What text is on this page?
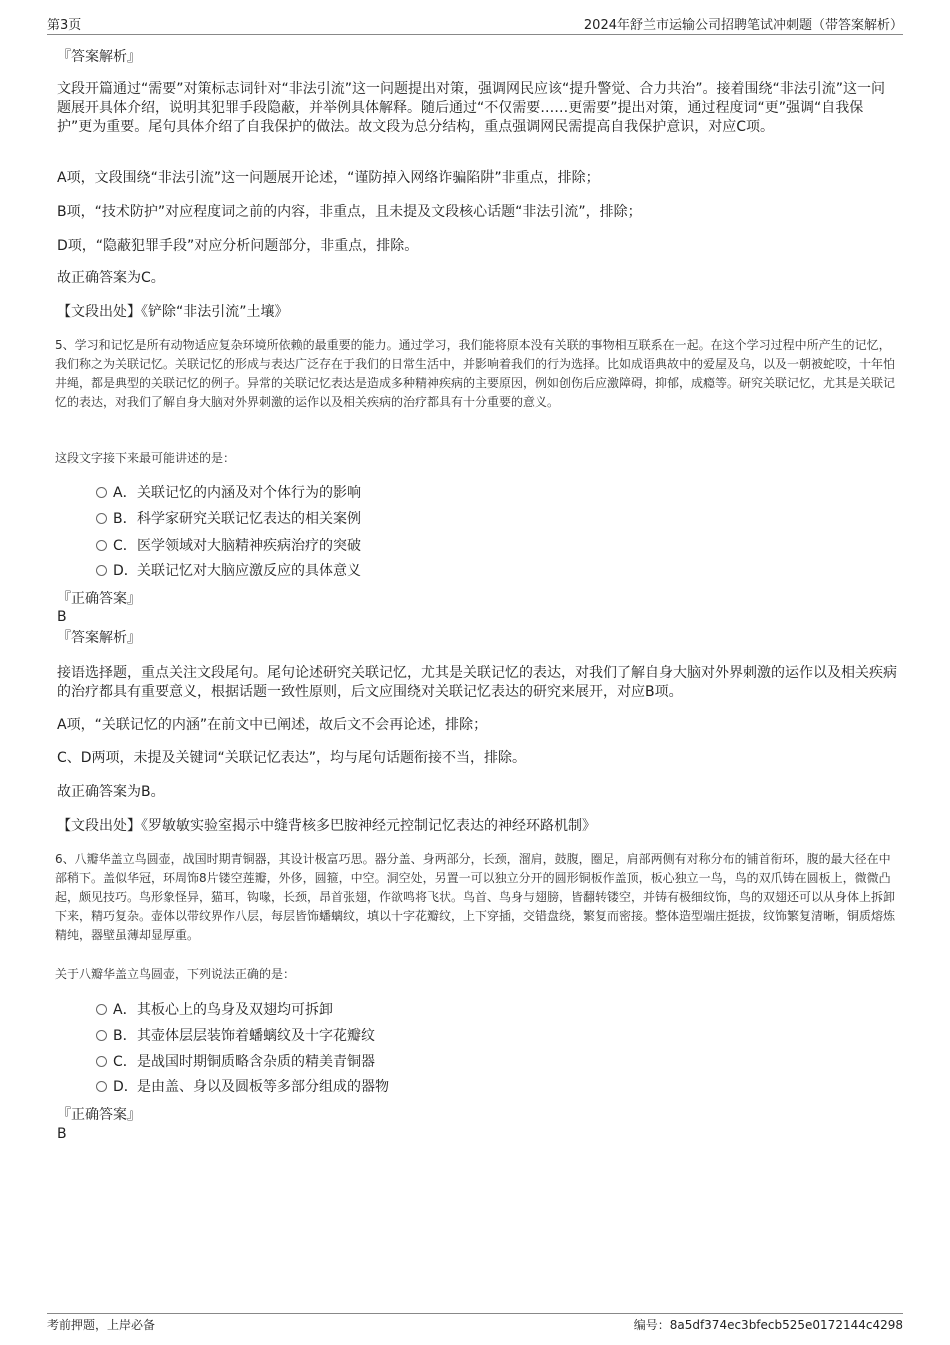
第3页	2024年舒兰市运输公司招聘笔试冲刺题（带答案解析）
『答案解析』
文段开篇通过“需要”对策标志词针对“非法引流”这一问题提出对策，强调网民应该“提升警觉、合力共治”。接着围绕“非法引流”这一问题展开具体介绍，说明其犯罪手段隐蔽，并举例具体解释。随后通过“不仅需要……更需要”提出对策，通过程度词“更”强调“自我保护”更为重要。尾句具体介绍了自我保护的做法。故文段为总分结构，重点强调网民需提高自我保护意识，对应C项。
A项，文段围绕“非法引流”这一问题展开论述，“谨防掉入网络诈骗陷阱”非重点，排除；
B项，“技术防护”对应程度词之前的内容，非重点，且未提及文段核心话题“非法引流”，排除；
D项，“隐蔽犯罪手段”对应分析问题部分，非重点，排除。
故正确答案为C。
【文段出处】《铲除“非法引流”土壤》
5、学习和记忆是所有动物适应复杂环境所依赖的最重要的能力。通过学习，我们能将原本没有关联的事物相互联系在一起。在这个学习过程中所产生的记忆，我们称之为关联记忆。关联记忆的形成与表达广泛存在于我们的日常生活中，并影响着我们的行为选择。比如成语典故中的爱屋及乌，以及一朝被蛇咬，十年怕井绳，都是典型的关联记忆的例子。异常的关联记忆表达是造成多种精神疾病的主要原因，例如创伤后应激障碍，抑郁，成瘾等。研究关联记忆，尤其是关联记忆的表达，对我们了解自身大脑对外界刺激的运作以及相关疾病的治疗都具有十分重要的意义。
这段文字接下来最可能讲述的是：
A．关联记忆的内涵及对个体行为的影响
B．科学家研究关联记忆表达的相关案例
C．医学领域对大脑精神疾病治疗的突破
D．关联记忆对大脑应激反应的具体意义
『正确答案』
B
『答案解析』
接语选择题，重点关注文段尾句。尾句论述研究关联记忆，尤其是关联记忆的表达，对我们了解自身大脑对外界刺激的运作以及相关疾病的治疗都具有重要意义，根据话题一致性原则，后文应围绕对关联记忆表达的研究来展开，对应B项。
A项，“关联记忆的内涵”在前文中已阐述，故后文不会再论述，排除；
C、D两项，未提及关键词“关联记忆表达”，均与尾句话题衔接不当，排除。
故正确答案为B。
【文段出处】《罗敏敏实验室揭示中缝背核多巴胺神经元控制记忆表达的神经环路机制》
6、八瓣华盖立鸟圆壶，战国时期青铜器，其设计极富巧思。器分盖、身两部分，长颈，溜肩，鼓腹，圈足，肩部两侧有对称分布的铺首衔环，腹的最大径在中部稍下。盖似华冠，环周饰8片镂空莲瓣，外侈，圆箍，中空。洞空处，另置一可以独立分开的圆形铜板作盖顶，板心独立一鸟，鸟的双爪铸在圆板上，微微凸起，颇见技巧。鸟形象怪异，猫耳，钩喙，长颈，昂首张翅，作欲鸣将飞状。鸟首、鸟身与翅膀，皆翻转镂空，并铸有极细纹饰，鸟的双翅还可以从身体上拆卸下来，精巧复杂。壶体以带纹界作八层，每层皆饰蟠螭纹，填以十字花瓣纹，上下穿插，交错盘绕，繁复而密接。整体造型端庄挺拔，纹饰繁复清晰，铜质熔炼精纯，器壁虽薄却显厚重。
关于八瓣华盖立鸟圆壶，下列说法正确的是：
A．其板心上的鸟身及双翅均可拆卸
B．其壶体层层装饰着蟠螭纹及十字花瓣纹
C．是战国时期铜质略含杂质的精美青铜器
D．是由盖、身以及圆板等多部分组成的器物
『正确答案』
B
考前押题，上岸必备	编号：8a5df374ec3bfecb525e0172144c4298
